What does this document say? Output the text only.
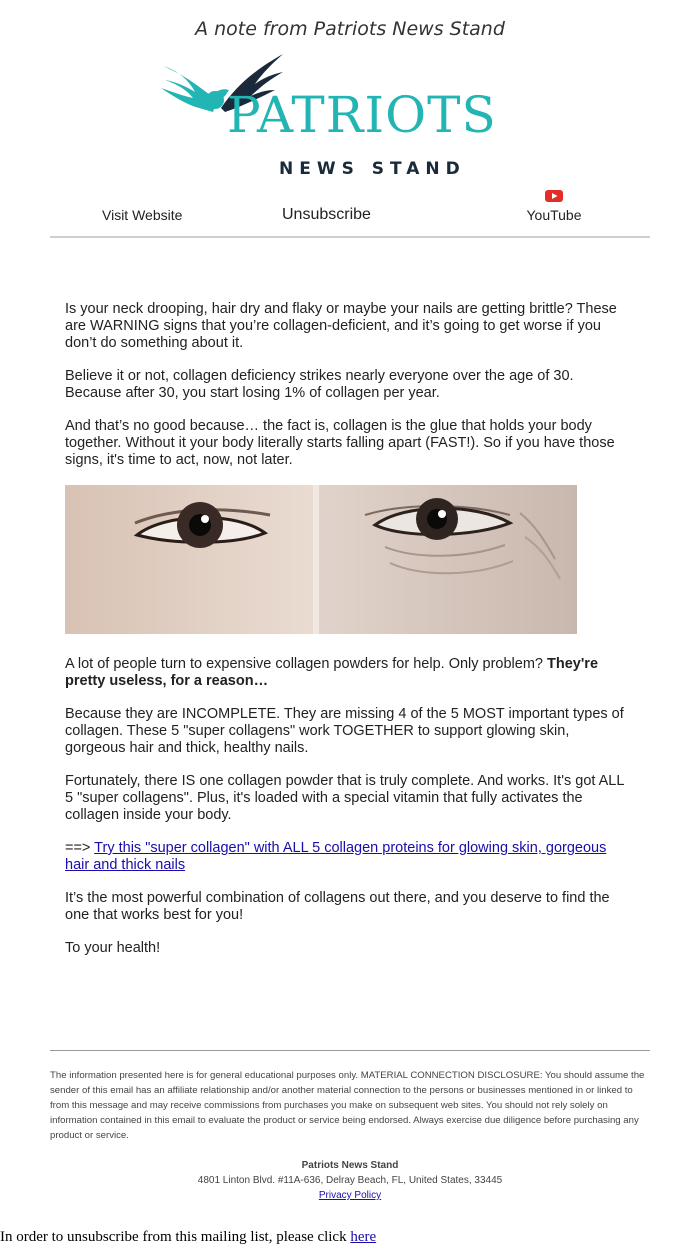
A note from Patriots News Stand
PATRIOTS
NEWS STAND
Visit Website	Unsubscribe	YouTube

Is your neck drooping, hair dry and flaky or maybe your nails are getting brittle? These are WARNING signs that you’re collagen-deficient, and it’s going to get worse if you don’t do something about it.

Believe it or not, collagen deficiency strikes nearly everyone over the age of 30. Because after 30, you start losing 1% of collagen per year.

And that’s no good because… the fact is, collagen is the glue that holds your body together. Without it your body literally starts falling apart (FAST!). So if you have those signs, it's time to act, now, not later.

A lot of people turn to expensive collagen powders for help. Only problem? They're pretty useless, for a reason…

Because they are INCOMPLETE. They are missing 4 of the 5 MOST important types of collagen. These 5 "super collagens" work TOGETHER to support glowing skin, gorgeous hair and thick, healthy nails.

Fortunately, there IS one collagen powder that is truly complete. And works. It's got ALL 5 "super collagens". Plus, it's loaded with a special vitamin that fully activates the collagen inside your body.

==> Try this "super collagen" with ALL 5 collagen proteins for glowing skin, gorgeous hair and thick nails

It’s the most powerful combination of collagens out there, and you deserve to find the one that works best for you!

To your health!

The information presented here is for general educational purposes only. MATERIAL CONNECTION DISCLOSURE: You should assume the sender of this email has an affiliate relationship and/or another material connection to the persons or businesses mentioned in or linked to from this message and may receive commissions from purchases you make on subsequent web sites. You should not rely solely on information contained in this email to evaluate the product or service being endorsed. Always exercise due diligence before purchasing any product or service.
Patriots News Stand
4801 Linton Blvd. #11A-636, Delray Beach, FL, United States, 33445
Privacy Policy
In order to unsubscribe from this mailing list, please click here
